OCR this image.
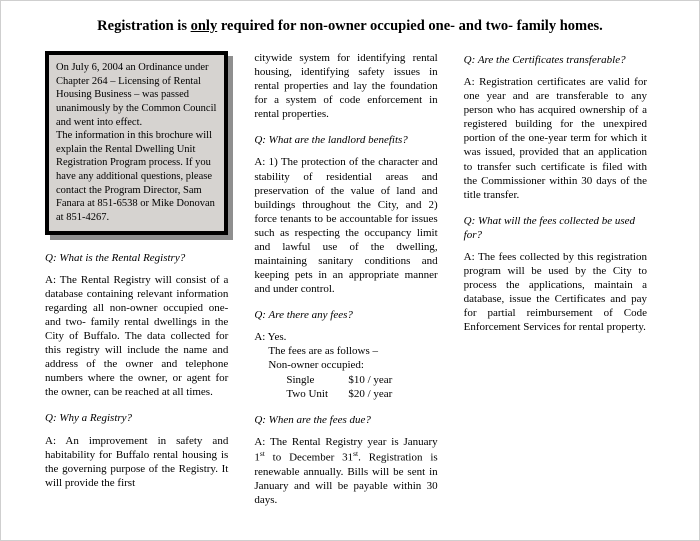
Registration is only required for non-owner occupied one- and two- family homes.

On July 6, 2004 an Ordinance under Chapter 264 – Licensing of Rental Housing Business – was passed unanimously by the Common Council and went into effect.

The information in this brochure will explain the Rental Dwelling Unit Registration Program process. If you have any additional questions, please contact the Program Director, Sam Fanara at 851-6538 or Mike Donovan at 851-4267.

Q: What is the Rental Registry?

A: The Rental Registry will consist of a database containing relevant information regarding all non-owner occupied one- and two- family rental dwellings in the City of Buffalo. The data collected for this registry will include the name and address of the owner and telephone numbers where the owner, or agent for the owner, can be reached at all times.

Q: Why a Registry?

A: An improvement in safety and habitability for Buffalo rental housing is the governing purpose of the Registry. It will provide the first

citywide system for identifying rental housing, identifying safety issues in rental properties and lay the foundation for a system of code enforcement in rental properties.

Q: What are the landlord benefits?

A: 1) The protection of the character and stability of residential areas and preservation of the value of land and buildings throughout the City, and 2) force tenants to be accountable for issues such as respecting the occupancy limit and lawful use of the dwelling, maintaining sanitary conditions and keeping pets in an appropriate manner and under control.

Q: Are there any fees?

A: Yes.
The fees are as follows –
Non-owner occupied:
Single	$10 / year
Two Unit	$20 / year

Q: When are the fees due?

A: The Rental Registry year is January 1st to December 31st. Registration is renewable annually. Bills will be sent in January and will be payable within 30 days.

Q: Are the Certificates transferable?

A: Registration certificates are valid for one year and are transferable to any person who has acquired ownership of a registered building for the unexpired portion of the one-year term for which it was issued, provided that an application to transfer such certificate is filed with the Commissioner within 30 days of the title transfer.

Q: What will the fees collected be used for?

A: The fees collected by this registration program will be used by the City to process the applications, maintain a database, issue the Certificates and pay for partial reimbursement of Code Enforcement Services for rental property.
